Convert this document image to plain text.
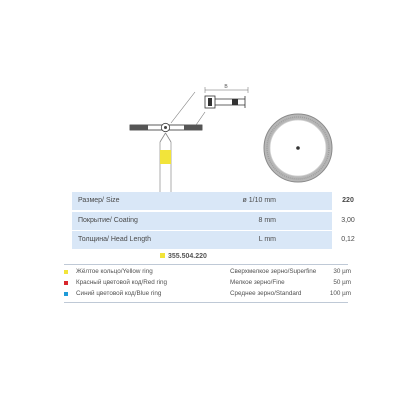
B
Размер/ Size	ø 1/10 mm	220
Покрытие/ Coating	8 mm	3,00
Толщина/ Head Length	L mm	0,12
355.504.220
Жёлтое кольцо/Yellow ring	Сверхмелкое зерно/Superfine	30 µm
Красный цветовой код/Red ring	Мелкое зерно/Fine	50 µm
Синий цветовой код/Blue ring	Среднее зерно/Standard	100 µm
